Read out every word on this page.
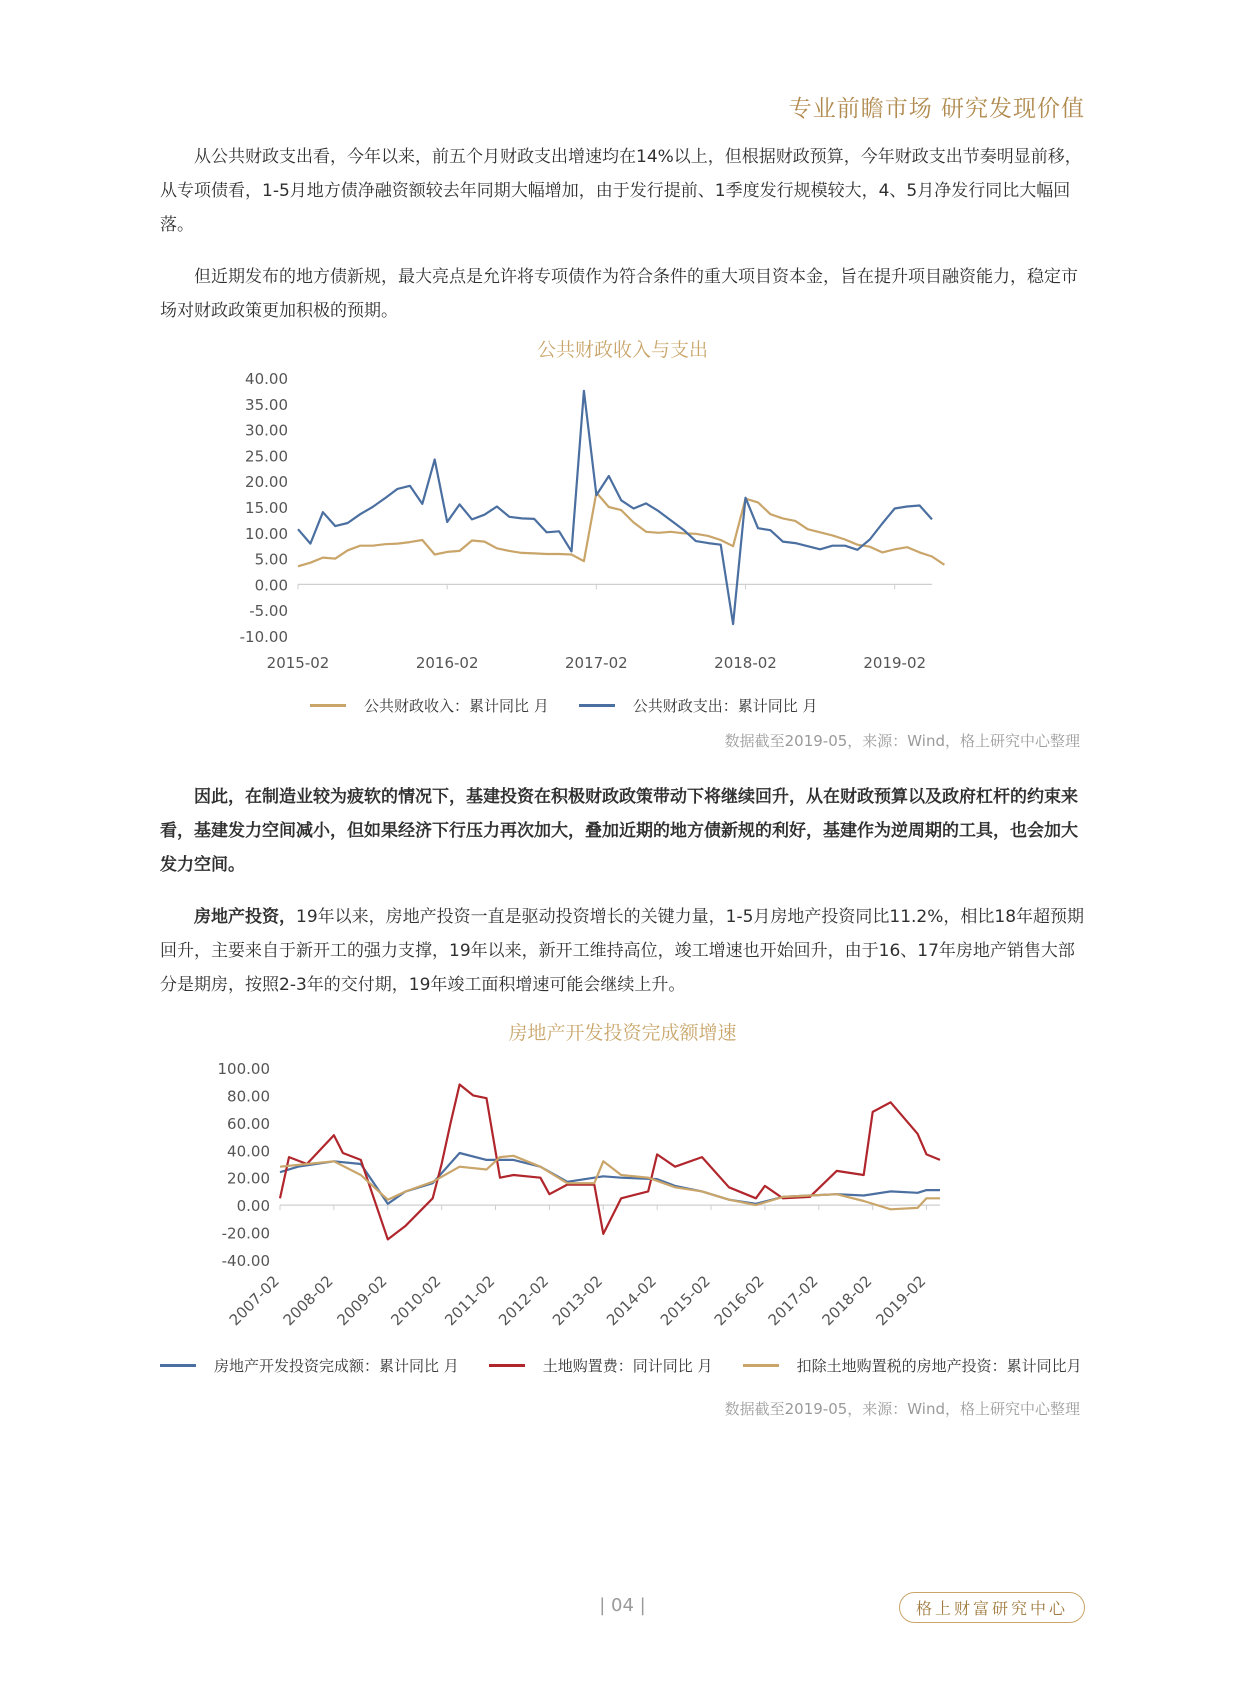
专业前瞻市场 研究发现价值

从公共财政支出看，今年以来，前五个月财政支出增速均在14%以上，但根据财政预算，今年财政支出节奏明显前移，从专项债看，1-5月地方债净融资额较去年同期大幅增加，由于发行提前、1季度发行规模较大，4、5月净发行同比大幅回落。

但近期发布的地方债新规，最大亮点是允许将专项债作为符合条件的重大项目资本金，旨在提升项目融资能力，稳定市场对财政政策更加积极的预期。

公共财政收入与支出
40.00
35.00
30.00
25.00
20.00
15.00
10.00
5.00
0.00
-5.00
-10.00
2015-02	2016-02	2017-02	2018-02	2019-02
公共财政收入：累计同比 月	公共财政支出：累计同比 月
数据截至2019-05，来源：Wind，格上研究中心整理

因此，在制造业较为疲软的情况下，基建投资在积极财政政策带动下将继续回升，从在财政预算以及政府杠杆的约束来看，基建发力空间减小，但如果经济下行压力再次加大，叠加近期的地方债新规的利好，基建作为逆周期的工具，也会加大发力空间。

房地产投资，19年以来，房地产投资一直是驱动投资增长的关键力量，1-5月房地产投资同比11.2%，相比18年超预期回升，主要来自于新开工的强力支撑，19年以来，新开工维持高位，竣工增速也开始回升，由于16、17年房地产销售大部分是期房，按照2-3年的交付期，19年竣工面积增速可能会继续上升。

房地产开发投资完成额增速
100.00
80.00
60.00
40.00
20.00
0.00
-20.00
-40.00
2007-02
2008-02
2009-02
2010-02
2011-02
2012-02
2013-02
2014-02
2015-02
2016-02
2017-02
2018-02
2019-02
房地产开发投资完成额：累计同比 月	土地购置费：同计同比 月	扣除土地购置税的房地产投资：累计同比月
数据截至2019-05，来源：Wind，格上研究中心整理
| 04 |	格上财富研究中心
